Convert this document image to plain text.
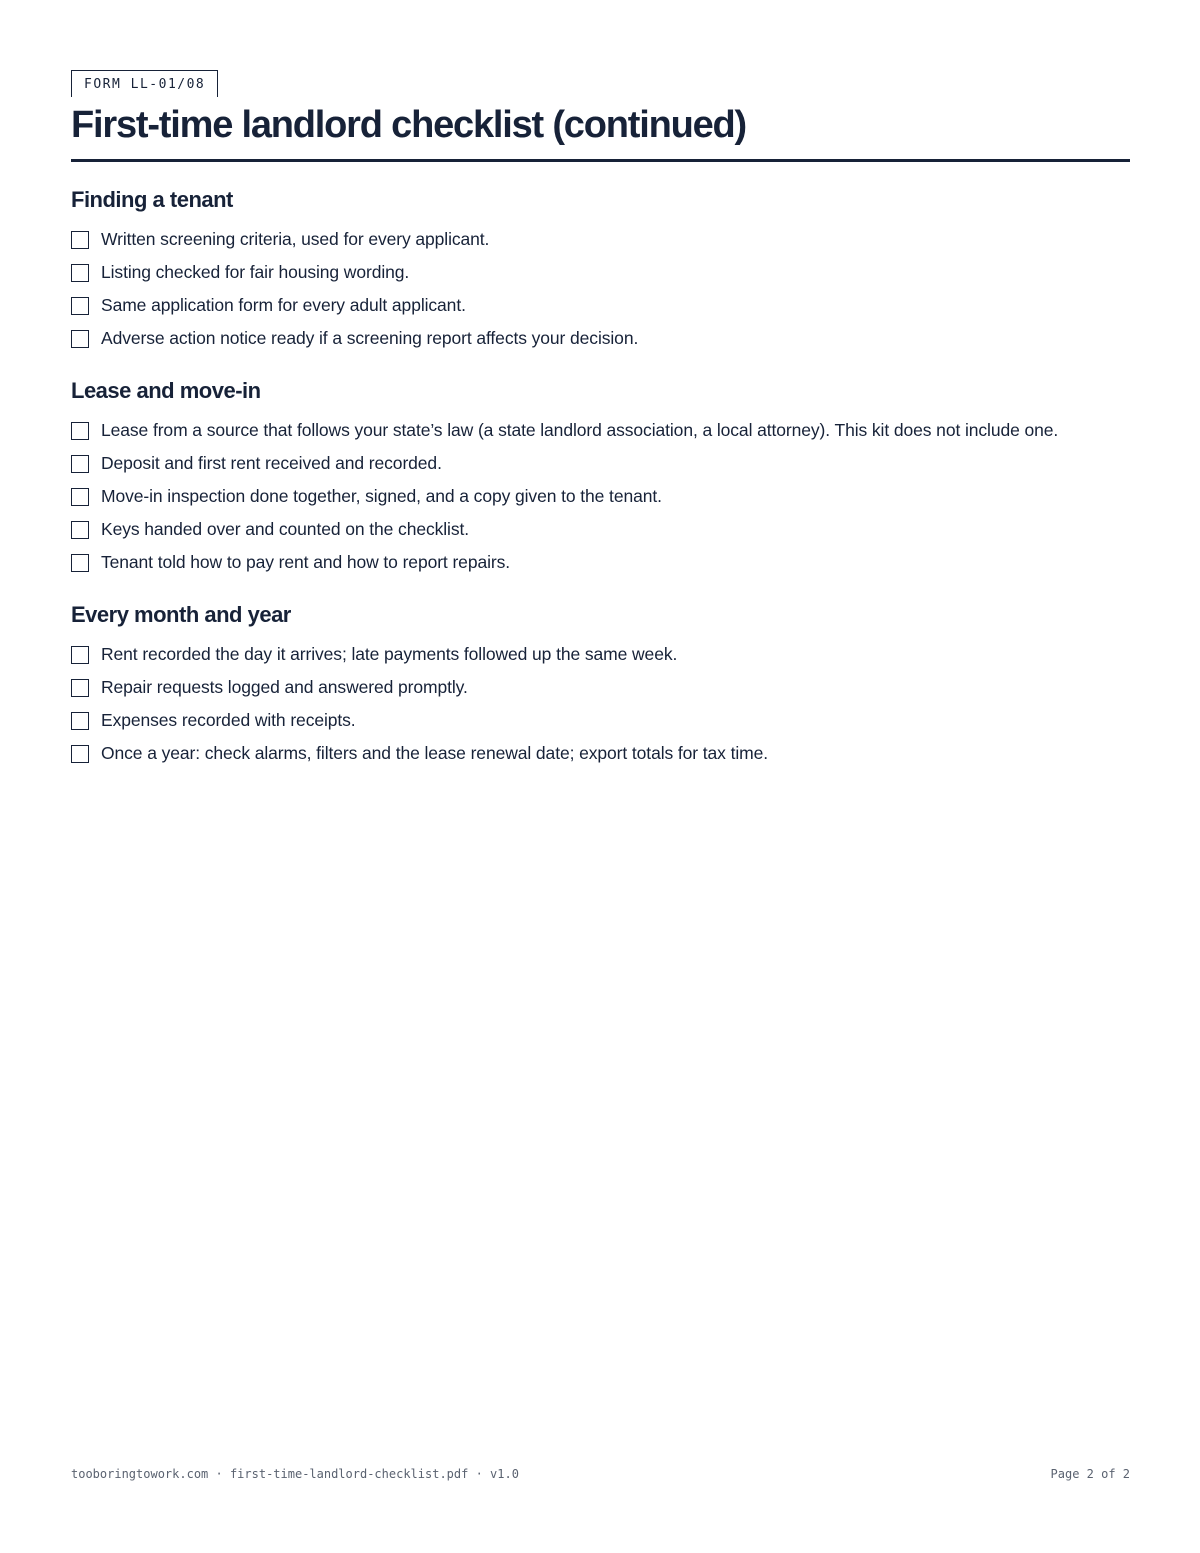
FORM LL-01/08
First-time landlord checklist (continued)
Finding a tenant
Written screening criteria, used for every applicant.
Listing checked for fair housing wording.
Same application form for every adult applicant.
Adverse action notice ready if a screening report affects your decision.
Lease and move-in
Lease from a source that follows your state’s law (a state landlord association, a local attorney). This kit does not include one.
Deposit and first rent received and recorded.
Move-in inspection done together, signed, and a copy given to the tenant.
Keys handed over and counted on the checklist.
Tenant told how to pay rent and how to report repairs.
Every month and year
Rent recorded the day it arrives; late payments followed up the same week.
Repair requests logged and answered promptly.
Expenses recorded with receipts.
Once a year: check alarms, filters and the lease renewal date; export totals for tax time.
tooboringtowork.com · first-time-landlord-checklist.pdf · v1.0	Page 2 of 2
